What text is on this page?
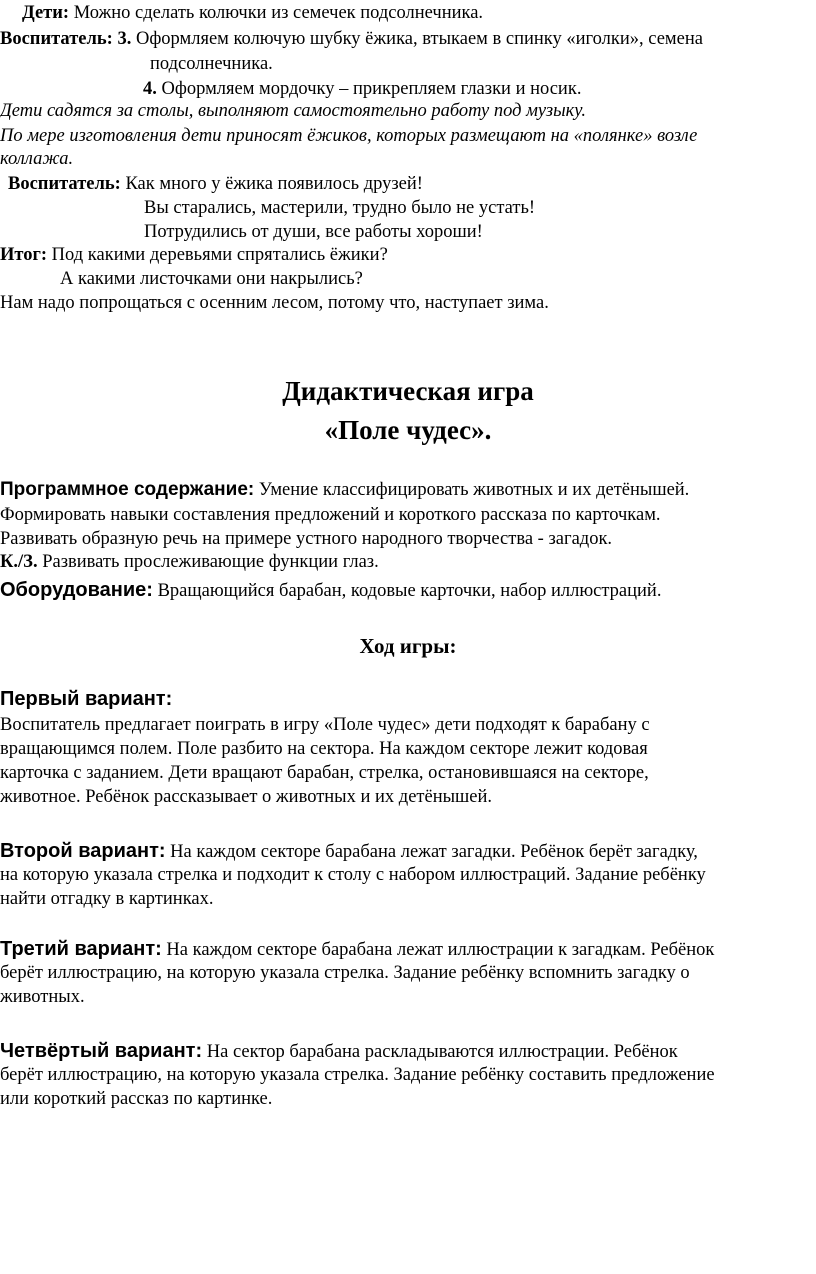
Дети: Можно сделать колючки из семечек подсолнечника.
Воспитатель: 3. Оформляем колючую шубку ёжика, втыкаем в спинку «иголки», семена
подсолнечника.
4. Оформляем мордочку – прикрепляем глазки и носик.
Дети садятся за столы, выполняют самостоятельно работу под музыку.
По мере изготовления дети приносят ёжиков, которых размещают на «полянке» возле
коллажа.
Воспитатель: Как много у ёжика появилось друзей!
Вы старались, мастерили, трудно было не устать!
Потрудились от души, все работы хороши!
Итог: Под какими деревьями спрятались ёжики?
А какими листочками они накрылись?
Нам надо попрощаться с осенним лесом, потому что, наступает зима.
Дидактическая игра
«Поле чудес».
Программное содержание: Умение классифицировать животных и их детёнышей.
Формировать навыки составления предложений и короткого рассказа по карточкам.
Развивать образную речь на примере устного народного творчества - загадок.
К./З. Развивать прослеживающие функции глаз.
Оборудование: Вращающийся барабан, кодовые карточки, набор иллюстраций.
Ход игры:
Первый вариант:
Воспитатель предлагает поиграть в игру «Поле чудес» дети подходят к барабану с
вращающимся полем. Поле разбито на сектора. На каждом секторе лежит кодовая
карточка с заданием. Дети вращают барабан, стрелка, остановившаяся на секторе,
животное. Ребёнок рассказывает о животных и их детёнышей.
Второй вариант: На каждом секторе барабана лежат загадки. Ребёнок берёт загадку,
на которую указала стрелка и подходит к столу с набором иллюстраций. Задание ребёнку
найти отгадку в картинках.
Третий вариант: На каждом секторе барабана лежат иллюстрации к загадкам. Ребёнок
берёт иллюстрацию, на которую указала стрелка. Задание ребёнку вспомнить загадку о
животных.
Четвёртый вариант: На сектор барабана раскладываются иллюстрации. Ребёнок
берёт иллюстрацию, на которую указала стрелка. Задание ребёнку составить предложение
или короткий рассказ по картинке.
